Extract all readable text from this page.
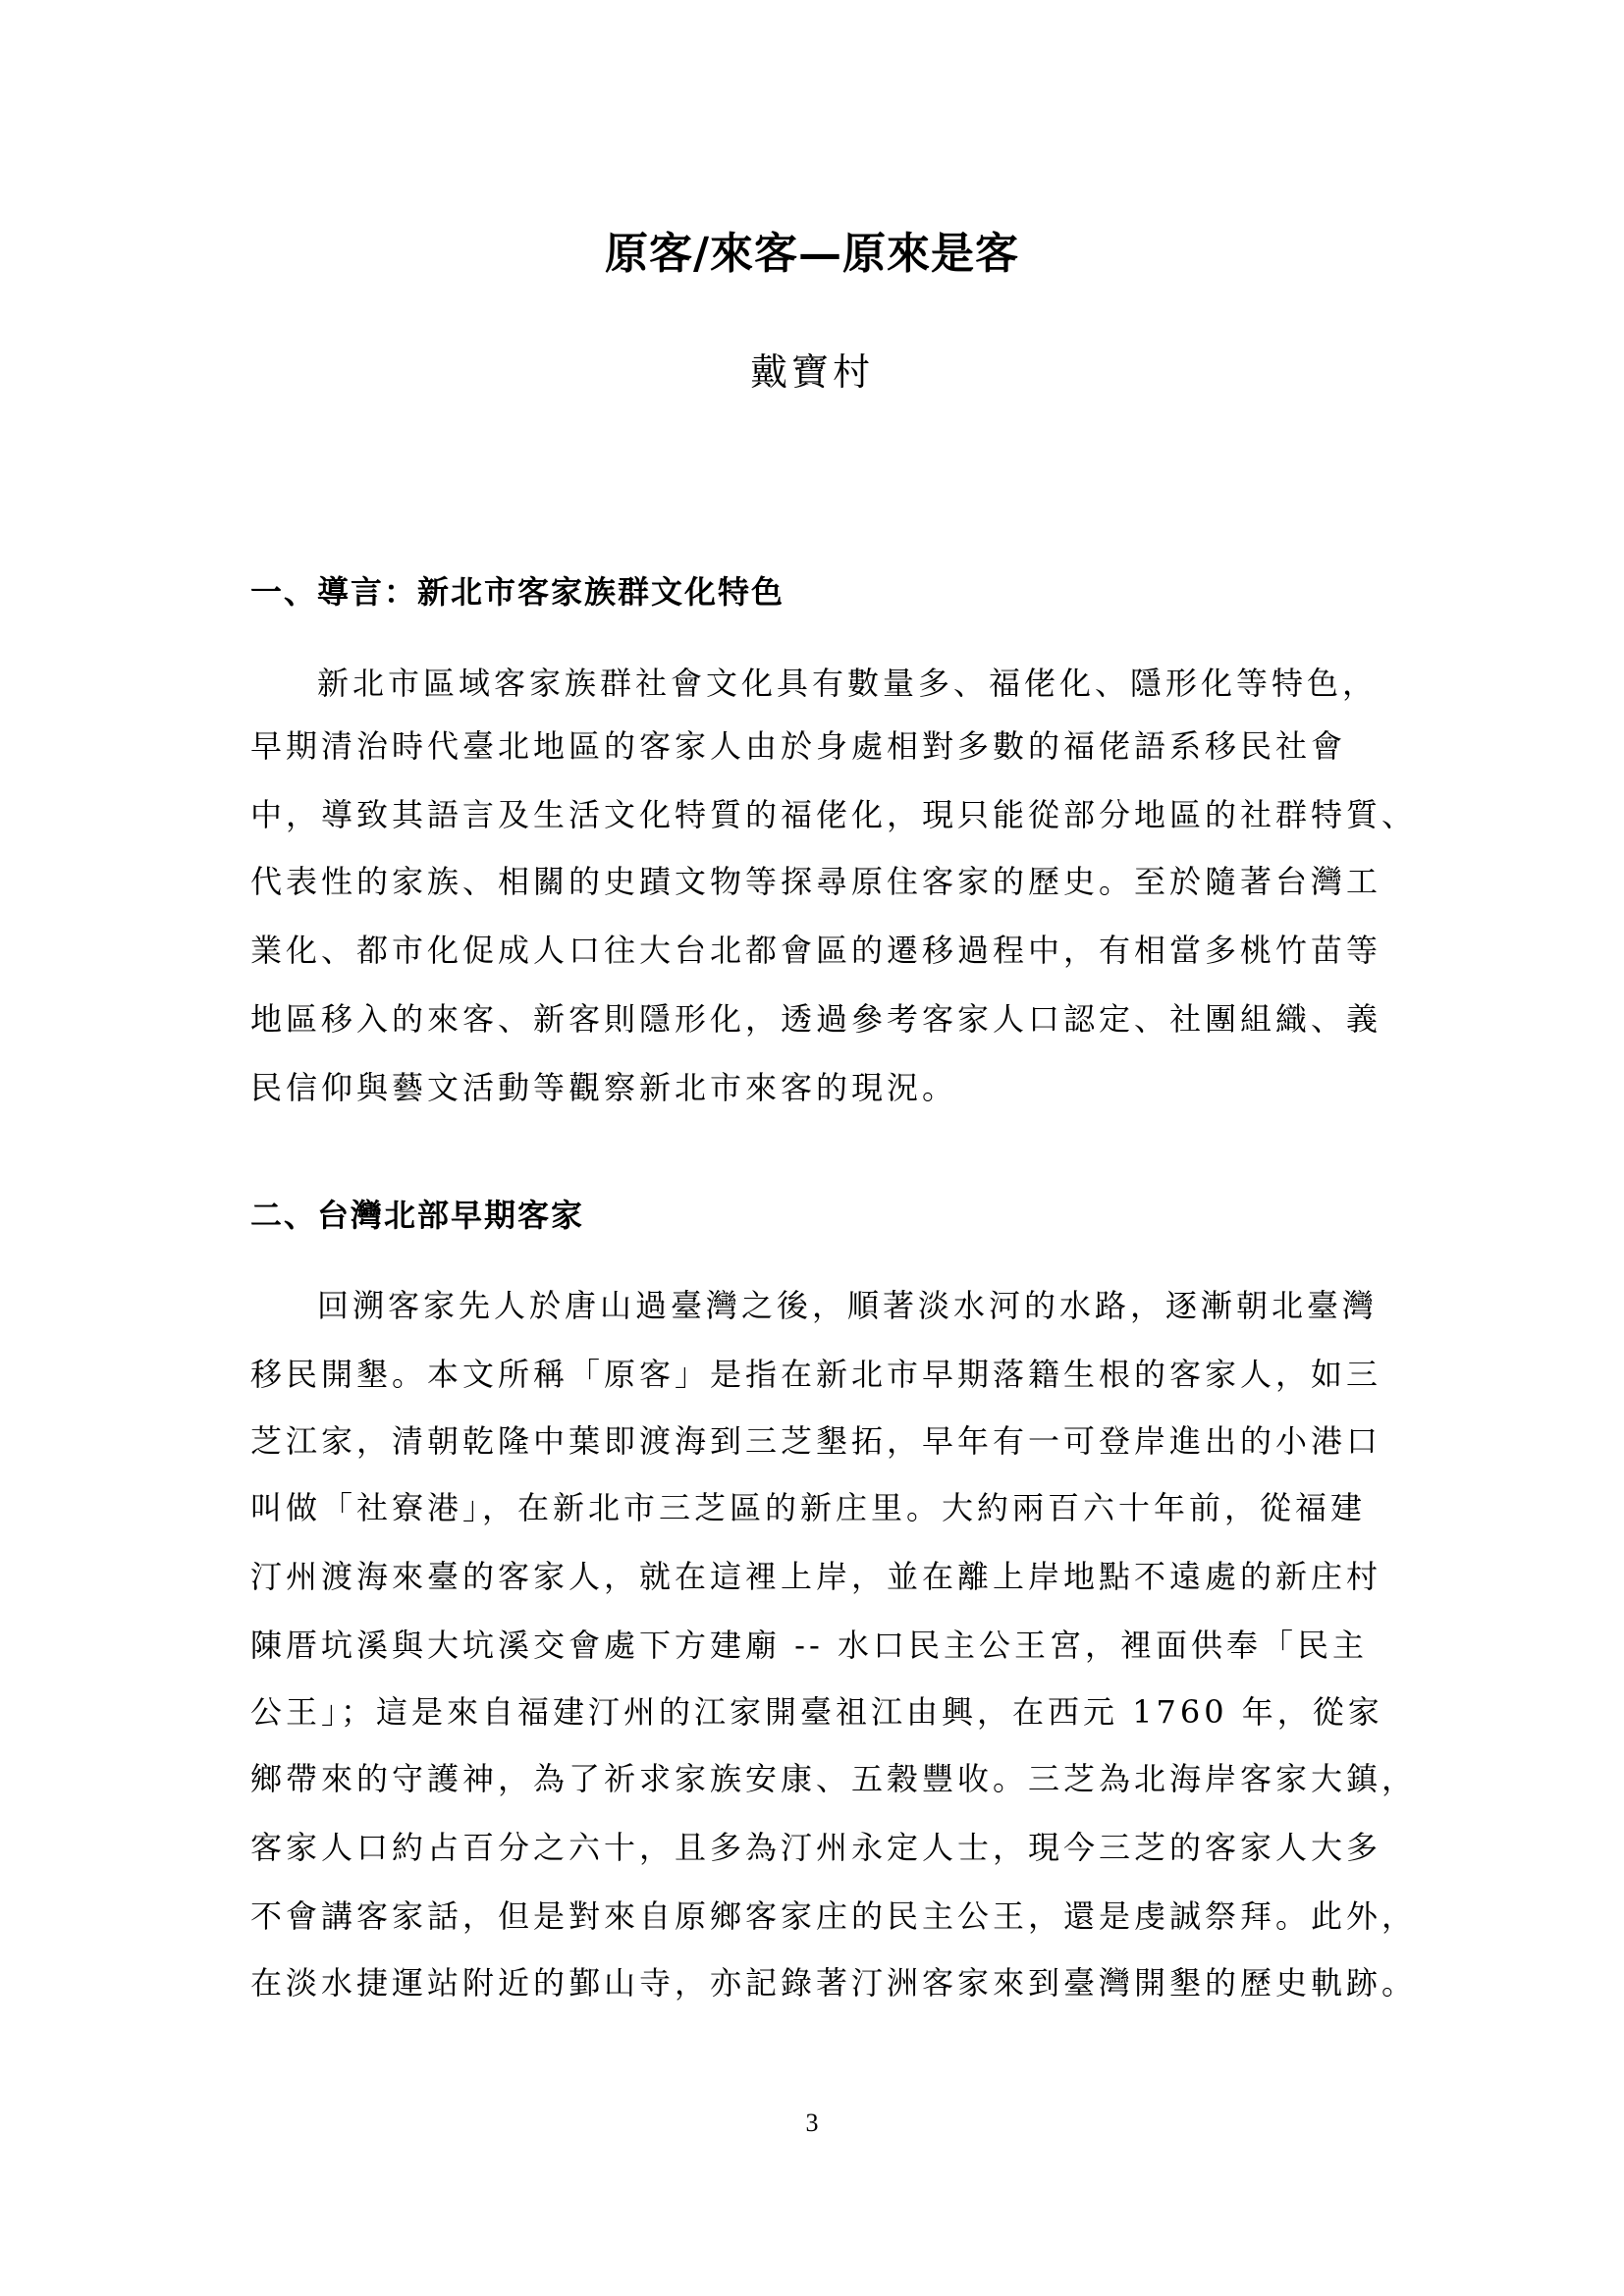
原客/來客—原來是客
戴寶村
一、導言：新北市客家族群文化特色
新北市區域客家族群社會文化具有數量多、福佬化、隱形化等特色，
早期清治時代臺北地區的客家人由於身處相對多數的福佬語系移民社會
中，導致其語言及生活文化特質的福佬化，現只能從部分地區的社群特質、
代表性的家族、相關的史蹟文物等探尋原住客家的歷史。至於隨著台灣工
業化、都市化促成人口往大台北都會區的遷移過程中，有相當多桃竹苗等
地區移入的來客、新客則隱形化，透過參考客家人口認定、社團組織、義
民信仰與藝文活動等觀察新北市來客的現況。
二、台灣北部早期客家
回溯客家先人於唐山過臺灣之後，順著淡水河的水路，逐漸朝北臺灣
移民開墾。本文所稱「原客」是指在新北市早期落籍生根的客家人，如三
芝江家，清朝乾隆中葉即渡海到三芝墾拓，早年有一可登岸進出的小港口
叫做「社寮港」，在新北市三芝區的新庄里。大約兩百六十年前，從福建
汀州渡海來臺的客家人，就在這裡上岸，並在離上岸地點不遠處的新庄村
陳厝坑溪與大坑溪交會處下方建廟 -- 水口民主公王宮，裡面供奉「民主
公王」；這是來自福建汀州的江家開臺祖江由興，在西元 1760 年，從家
鄉帶來的守護神，為了祈求家族安康、五穀豐收。三芝為北海岸客家大鎮，
客家人口約占百分之六十，且多為汀州永定人士，現今三芝的客家人大多
不會講客家話，但是對來自原鄉客家庄的民主公王，還是虔誠祭拜。此外，
在淡水捷運站附近的鄞山寺，亦記錄著汀洲客家來到臺灣開墾的歷史軌跡。
3
